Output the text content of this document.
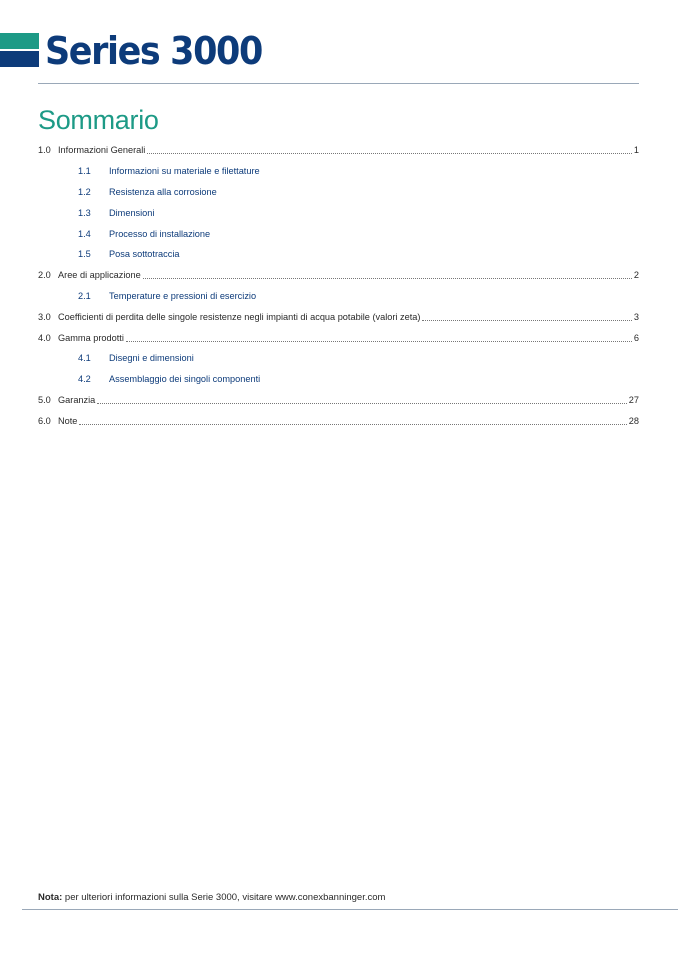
Series 3000
Sommario
1.0 Informazioni Generali	1
1.1	Informazioni su materiale e filettature
1.2	Resistenza alla corrosione
1.3	Dimensioni
1.4	Processo di installazione
1.5	Posa sottotraccia
2.0 Aree di applicazione	2
2.1	Temperature e pressioni di esercizio
3.0 Coefficienti di perdita delle singole resistenze negli impianti di acqua potabile (valori zeta)	3
4.0 Gamma prodotti	6
4.1	Disegni e dimensioni
4.2	Assemblaggio dei singoli componenti
5.0 Garanzia	27
6.0 Note	28
Nota: per ulteriori informazioni sulla Serie 3000, visitare www.conexbanninger.com
